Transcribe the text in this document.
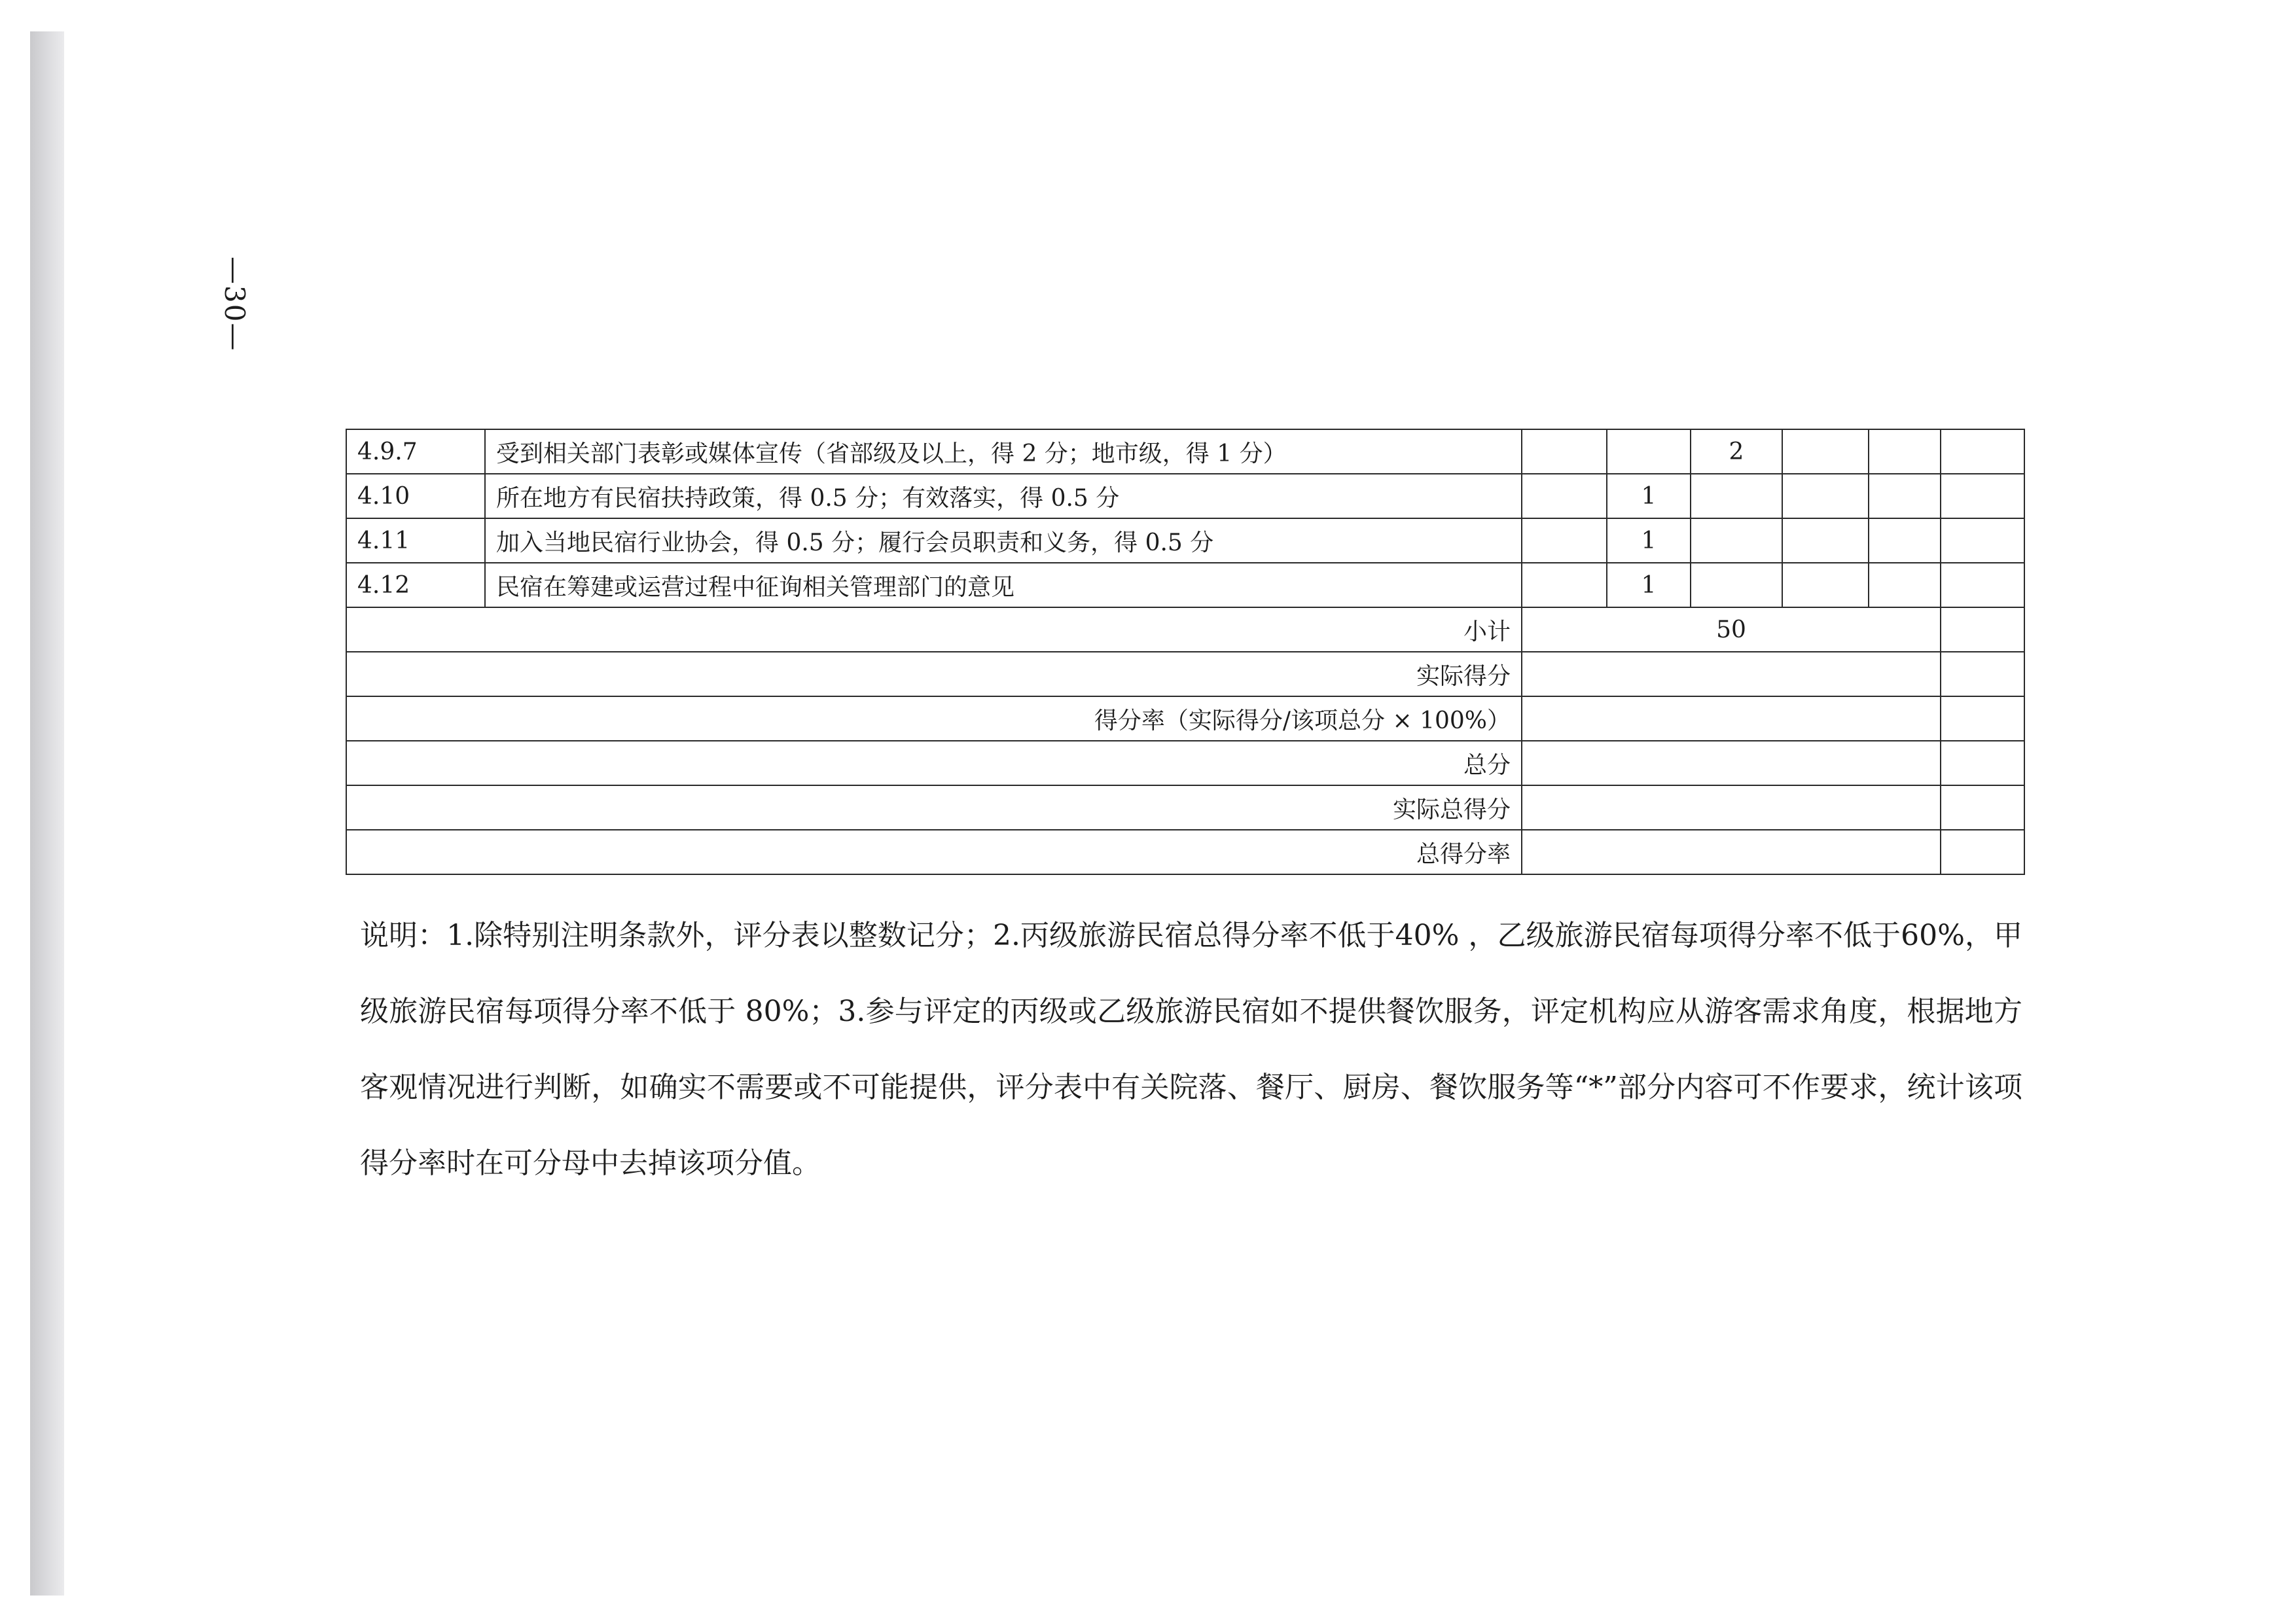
—30—
4.9.7	受到相关部门表彰或媒体宣传（省部级及以上，得 2 分；地市级，得 1 分）			2			
4.10	所在地方有民宿扶持政策，得 0.5 分；有效落实，得 0.5 分		1				
4.11	加入当地民宿行业协会，得 0.5 分；履行会员职责和义务，得 0.5 分		1				
4.12	民宿在筹建或运营过程中征询相关管理部门的意见		1				
小计		50					
实际得分							
得分率（实际得分/该项总分 × 100%）							
总分							
实际总得分							
总得分率							
说明：1.除特别注明条款外，评分表以整数记分；2.丙级旅游民宿总得分率不低于40% ，乙级旅游民宿每项得分率不低于60%，甲级旅游民宿每项得分率不低于 80%；3.参与评定的丙级或乙级旅游民宿如不提供餐饮服务，评定机构应从游客需求角度，根据地方客观情况进行判断，如确实不需要或不可能提供，评分表中有关院落、餐厅、厨房、餐饮服务等“*”部分内容可不作要求，统计该项得分率时在可分母中去掉该项分值。
